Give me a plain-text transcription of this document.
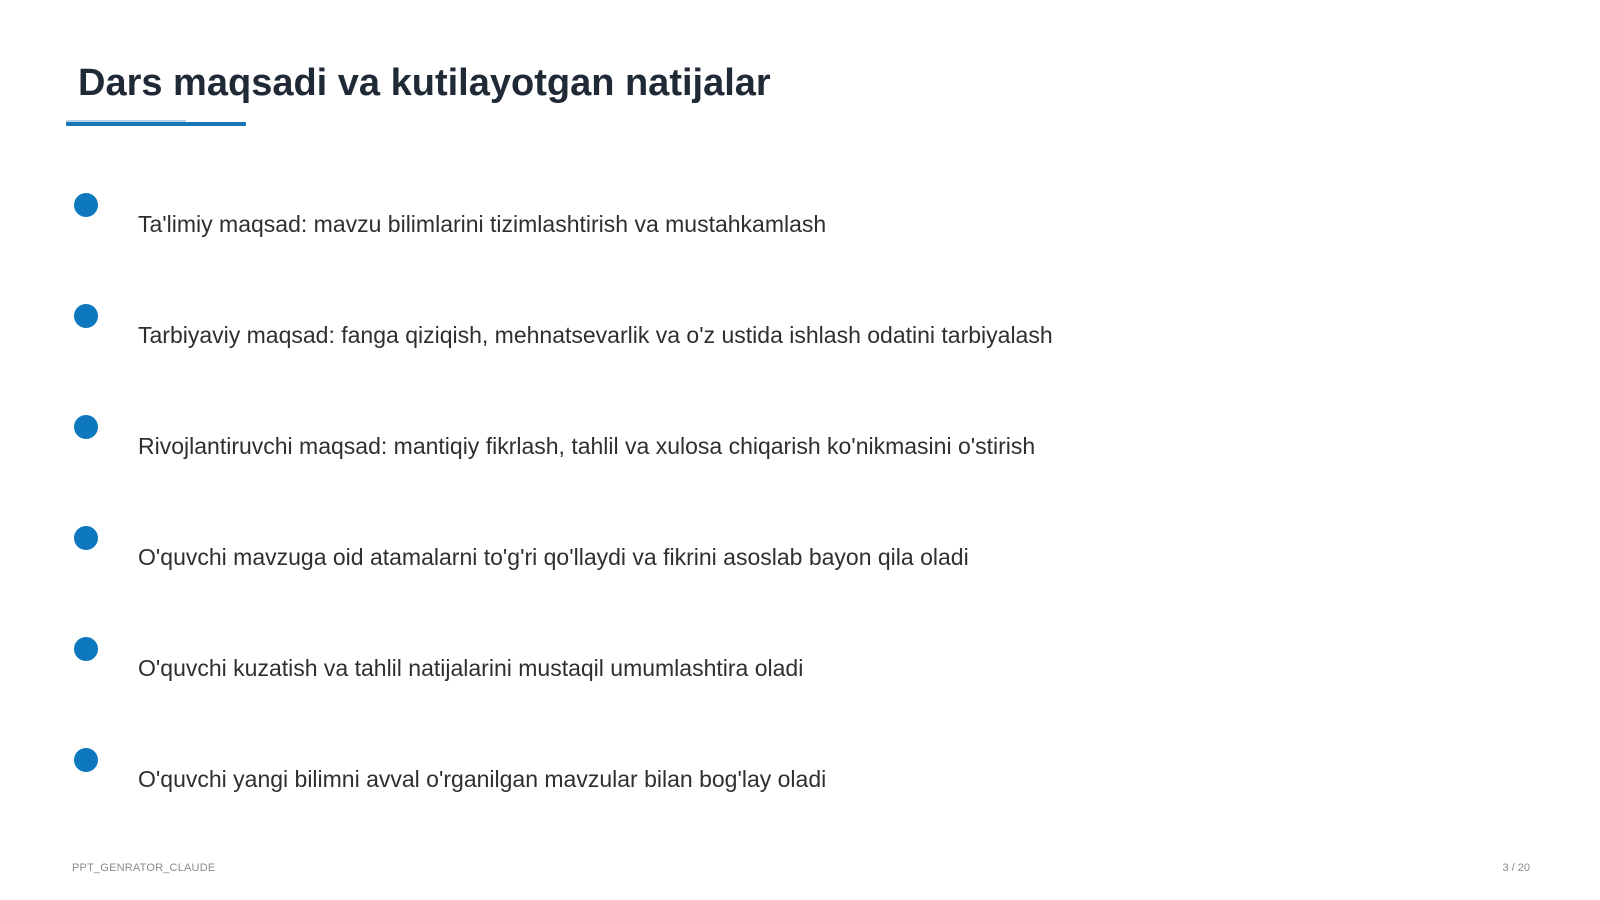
Dars maqsadi va kutilayotgan natijalar
Ta'limiy maqsad: mavzu bilimlarini tizimlashtirish va mustahkamlash
Tarbiyaviy maqsad: fanga qiziqish, mehnatsevarlik va o'z ustida ishlash odatini tarbiyalash
Rivojlantiruvchi maqsad: mantiqiy fikrlash, tahlil va xulosa chiqarish ko'nikmasini o'stirish
O'quvchi mavzuga oid atamalarni to'g'ri qo'llaydi va fikrini asoslab bayon qila oladi
O'quvchi kuzatish va tahlil natijalarini mustaqil umumlashtira oladi
O'quvchi yangi bilimni avval o'rganilgan mavzular bilan bog'lay oladi
PPT_GENRATOR_CLAUDE	3 / 20
